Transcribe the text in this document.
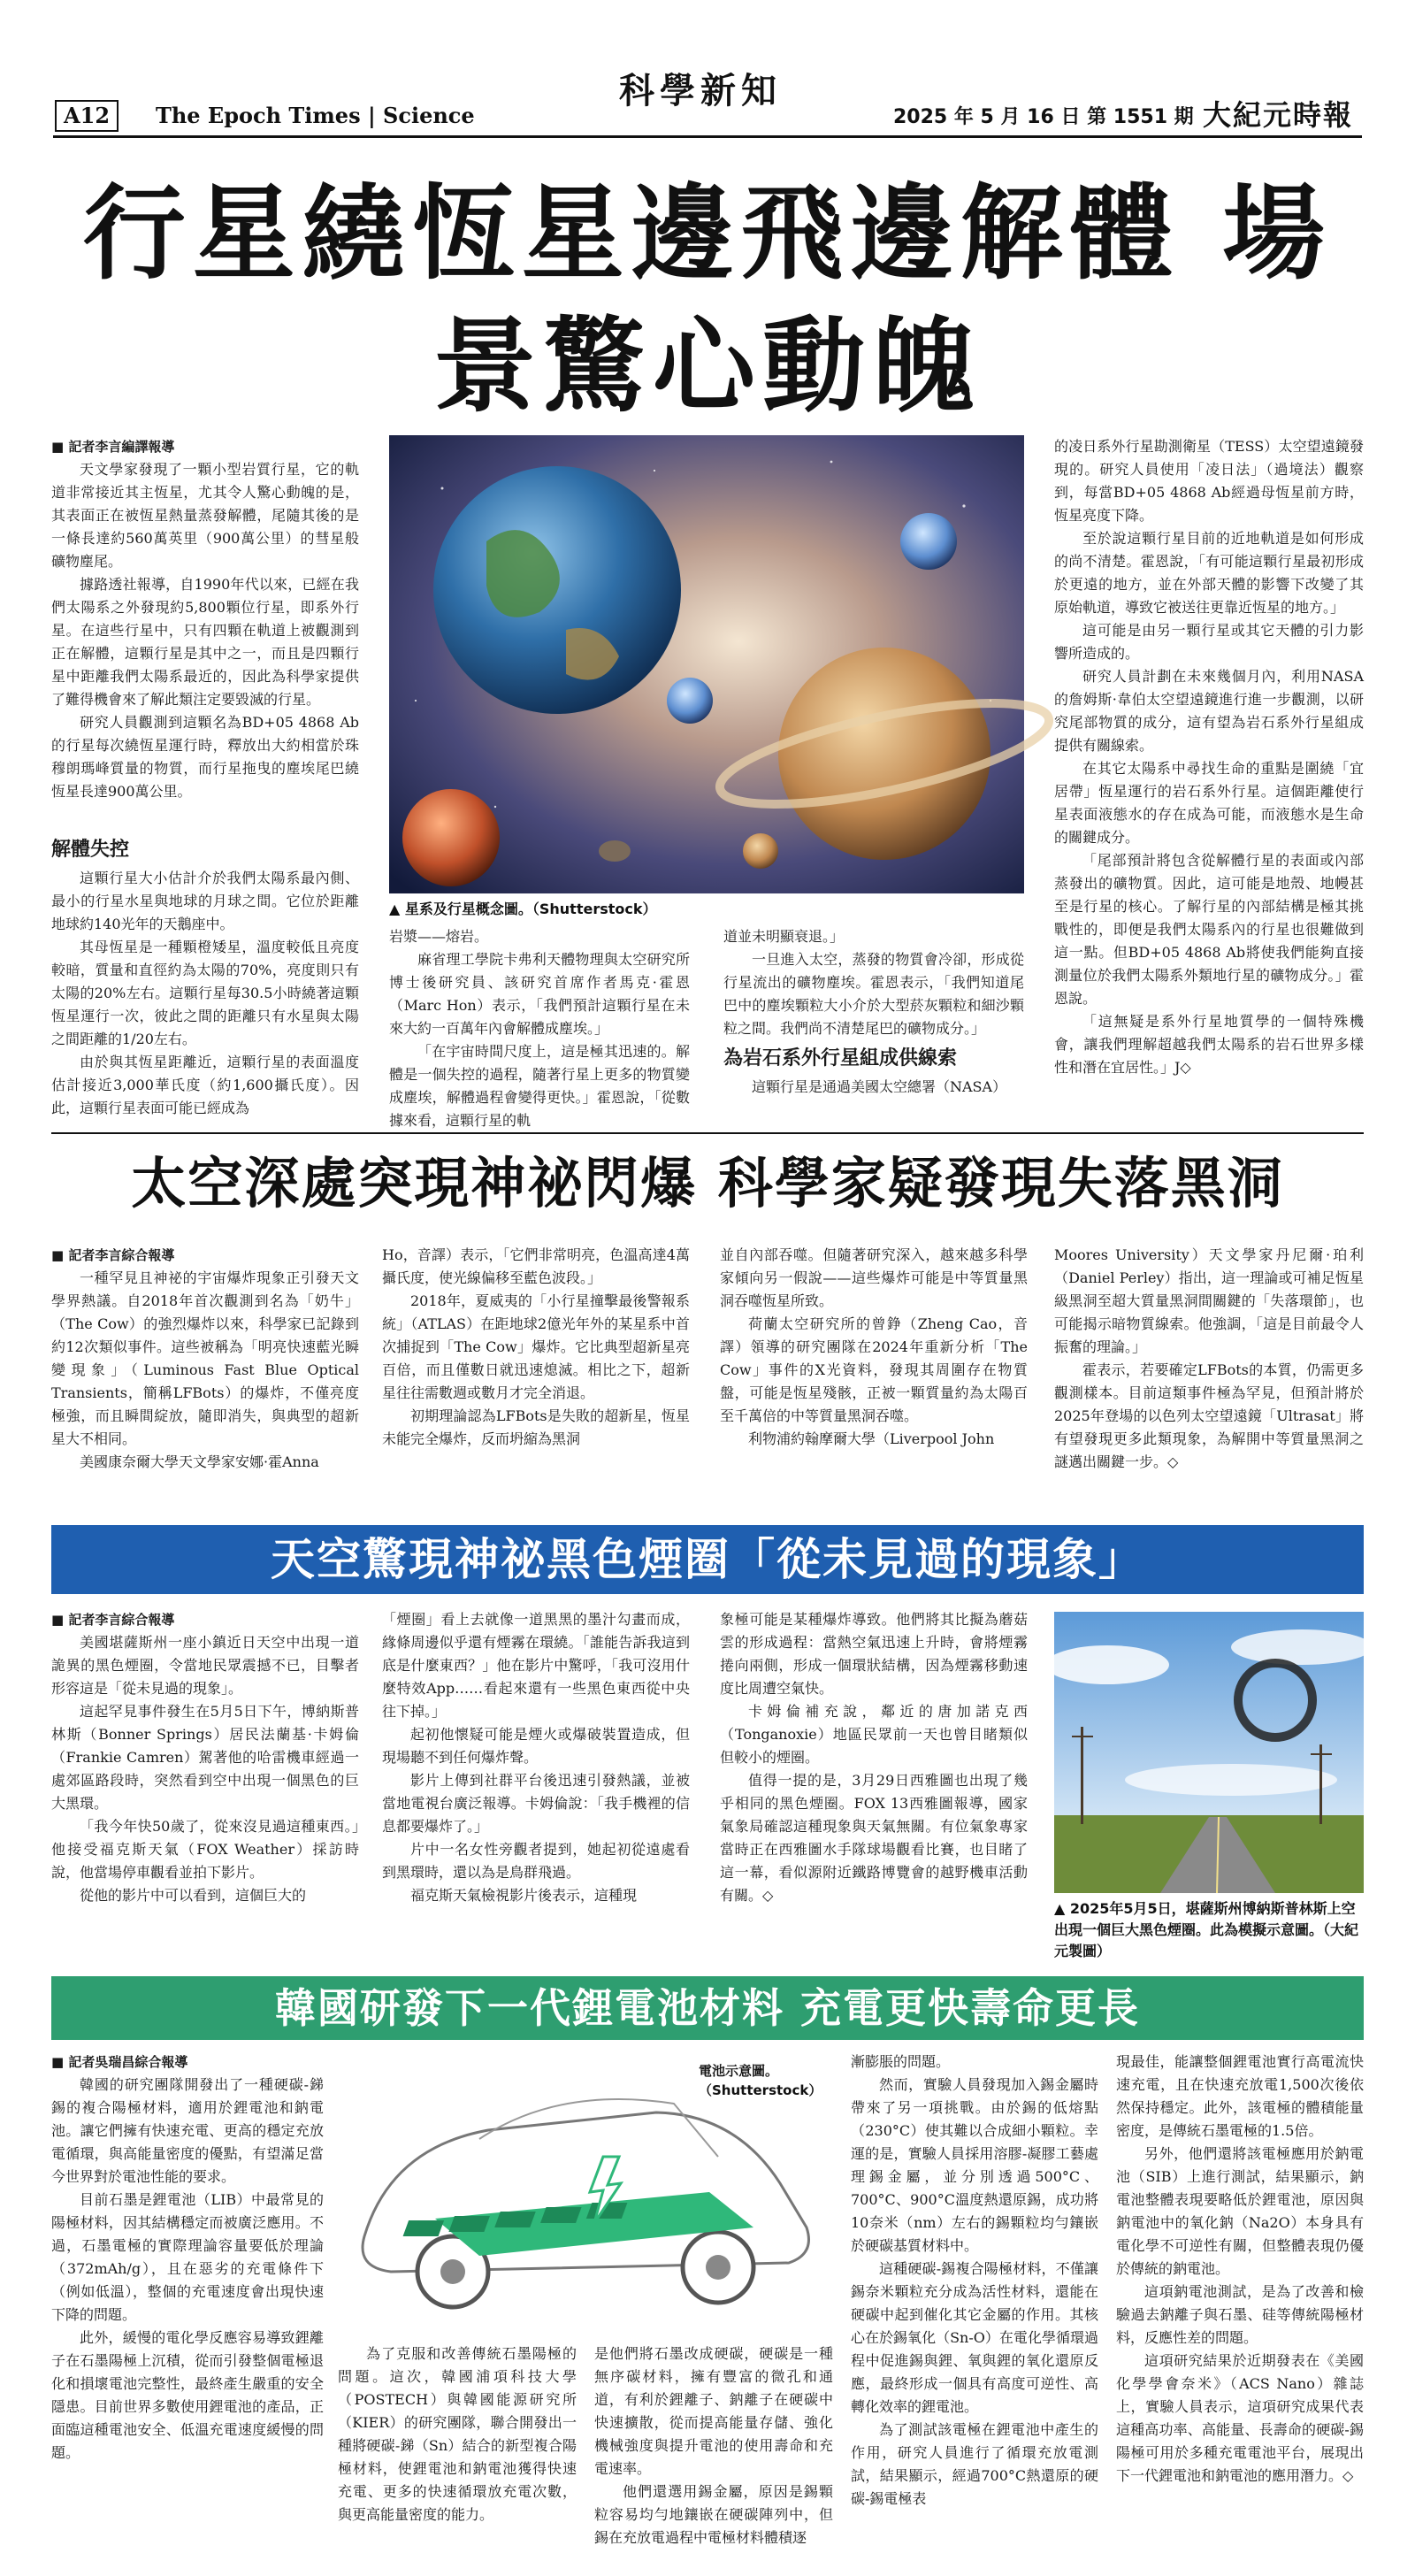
A12	The Epoch Times | Science
科學新知
2025 年 5 月 16 日 第 1551 期 大紀元時報
行星繞恆星邊飛邊解體 場景驚心動魄

■ 記者李言編譯報導

天文學家發現了一顆小型岩質行星，它的軌道非常接近其主恆星，尤其令人驚心動魄的是，其表面正在被恆星熱量蒸發解體，尾隨其後的是一條長達約560萬英里（900萬公里）的彗星般礦物塵尾。

據路透社報導，自1990年代以來，已經在我們太陽系之外發現約5,800顆位行星，即系外行星。在這些行星中，只有四顆在軌道上被觀測到正在解體，這顆行星是其中之一，而且是四顆行星中距離我們太陽系最近的，因此為科學家提供了難得機會來了解此類注定要毀滅的行星。

研究人員觀測到這顆名為BD+05 4868 Ab的行星每次繞恆星運行時，釋放出大約相當於珠穆朗瑪峰質量的物質，而行星拖曳的塵埃尾巴繞恆星長達900萬公里。

解體失控

這顆行星大小估計介於我們太陽系最內側、最小的行星水星與地球的月球之間。它位於距離地球約140光年的天鵝座中。

其母恆星是一種顆橙矮星，溫度較低且亮度較暗，質量和直徑約為太陽的70%，亮度則只有太陽的20%左右。這顆行星每30.5小時繞著這顆恆星運行一次，彼此之間的距離只有水星與太陽之間距離的1/20左右。

由於與其恆星距離近，這顆行星的表面溫度估計接近3,000華氏度（約1,600攝氏度）。因此，這顆行星表面可能已經成為

▲ 星系及行星概念圖。（Shutterstock）

岩漿——熔岩。

麻省理工學院卡弗利天體物理與太空研究所博士後研究員、該研究首席作者馬克·霍恩（Marc Hon）表示，「我們預計這顆行星在未來大約一百萬年內會解體成塵埃。」

「在宇宙時間尺度上，這是極其迅速的。解體是一個失控的過程，隨著行星上更多的物質變成塵埃，解體過程會變得更快。」霍恩說，「從數據來看，這顆行星的軌

道並未明顯衰退。」

一旦進入太空，蒸發的物質會冷卻，形成從行星流出的礦物塵埃。霍恩表示，「我們知道尾巴中的塵埃顆粒大小介於大型菸灰顆粒和細沙顆粒之間。我們尚不清楚尾巴的礦物成分。」

為岩石系外行星組成供線索

這顆行星是通過美國太空總署（NASA）

的凌日系外行星勘測衛星（TESS）太空望遠鏡發現的。研究人員使用「凌日法」（過境法）觀察到，每當BD+05 4868 Ab經過母恆星前方時，恆星亮度下降。

至於說這顆行星目前的近地軌道是如何形成的尚不清楚。霍恩說，「有可能這顆行星最初形成於更遠的地方，並在外部天體的影響下改變了其原始軌道，導致它被送往更靠近恆星的地方。」

這可能是由另一顆行星或其它天體的引力影響所造成的。

研究人員計劃在未來幾個月內，利用NASA的詹姆斯·韋伯太空望遠鏡進行進一步觀測，以研究尾部物質的成分，這有望為岩石系外行星組成提供有關線索。

在其它太陽系中尋找生命的重點是圍繞「宜居帶」恆星運行的岩石系外行星。這個距離使行星表面液態水的存在成為可能，而液態水是生命的關鍵成分。

「尾部預計將包含從解體行星的表面或內部蒸發出的礦物質。因此，這可能是地殼、地幔甚至是行星的核心。了解行星的內部結構是極其挑戰性的，即便是我們太陽系內的行星也很難做到這一點。但BD+05 4868 Ab將使我們能夠直接測量位於我們太陽系外類地行星的礦物成分。」霍恩說。

「這無疑是系外行星地質學的一個特殊機會，讓我們理解超越我們太陽系的岩石世界多樣性和潛在宜居性。」J◇

太空深處突現神祕閃爆 科學家疑發現失落黑洞

■ 記者李言綜合報導

一種罕見且神祕的宇宙爆炸現象正引發天文學界熱議。自2018年首次觀測到名為「奶牛」（The Cow）的強烈爆炸以來，科學家已記錄到約12次類似事件。這些被稱為「明亮快速藍光瞬變現象」（Luminous Fast Blue Optical Transients，簡稱LFBots）的爆炸，不僅亮度極強，而且瞬間綻放，隨即消失，與典型的超新星大不相同。

美國康奈爾大學天文學家安娜·霍Anna

Ho，音譯）表示，「它們非常明亮，色溫高達4萬攝氏度，使光線偏移至藍色波段。」

2018年，夏威夷的「小行星撞擊最後警報系統」（ATLAS）在距地球2億光年外的某星系中首次捕捉到「The Cow」爆炸。它比典型超新星亮百倍，而且僅數日就迅速熄滅。相比之下，超新星往往需數週或數月才完全消退。

初期理論認為LFBots是失敗的超新星，恆星未能完全爆炸，反而坍縮為黑洞

並自內部吞噬。但隨著研究深入，越來越多科學家傾向另一假說——這些爆炸可能是中等質量黑洞吞噬恆星所致。

荷蘭太空研究所的曾錚（Zheng Cao，音譯）領導的研究團隊在2024年重新分析「The Cow」事件的X光資料，發現其周圍存在物質盤，可能是恆星殘骸，正被一顆質量約為太陽百至千萬倍的中等質量黑洞吞噬。

利物浦約翰摩爾大學（Liverpool John

Moores University）天文學家丹尼爾·珀利（Daniel Perley）指出，這一理論或可補足恆星級黑洞至超大質量黑洞間關鍵的「失落環節」，也可能揭示暗物質線索。他強調，「這是目前最令人振奮的理論。」

霍表示，若要確定LFBots的本質，仍需更多觀測樣本。目前這類事件極為罕見，但預計將於2025年登場的以色列太空望遠鏡「Ultrasat」將有望發現更多此類現象，為解開中等質量黑洞之謎邁出關鍵一步。◇

天空驚現神祕黑色煙圈「從未見過的現象」

■ 記者李言綜合報導

美國堪薩斯州一座小鎮近日天空中出現一道詭異的黑色煙圈，令當地民眾震撼不已，目擊者形容這是「從未見過的現象」。

這起罕見事件發生在5月5日下午，博納斯普林斯（Bonner Springs）居民法蘭基·卡姆倫（Frankie Camren）駕著他的哈雷機車經過一處郊區路段時，突然看到空中出現一個黑色的巨大黑環。

「我今年快50歲了，從來沒見過這種東西。」他接受福克斯天氣（FOX Weather）採訪時說，他當場停車觀看並拍下影片。

從他的影片中可以看到，這個巨大的

「煙圈」看上去就像一道黑黑的墨汁勾畫而成，緣條周邊似乎還有煙霧在環繞。「誰能告訴我這到底是什麼東西？」他在影片中驚呼，「我可沒用什麼特效App……看起來還有一些黑色東西從中央往下掉。」

起初他懷疑可能是煙火或爆破裝置造成，但現場聽不到任何爆炸聲。

影片上傳到社群平台後迅速引發熱議，並被當地電視台廣泛報導。卡姆倫說：「我手機裡的信息都要爆炸了。」

片中一名女性旁觀者提到，她起初從遠處看到黑環時，還以為是鳥群飛過。

福克斯天氣檢視影片後表示，這種現

象極可能是某種爆炸導致。他們將其比擬為蘑菇雲的形成過程：當熱空氣迅速上升時，會將煙霧捲向兩側，形成一個環狀結構，因為煙霧移動速度比周遭空氣快。

卡姆倫補充說，鄰近的唐加諾克西（Tonganoxie）地區民眾前一天也曾目睹類似但較小的煙圈。

值得一提的是，3月29日西雅圖也出現了幾乎相同的黑色煙圈。FOX 13西雅圖報導，國家氣象局確認這種現象與天氣無關。有位氣象專家當時正在西雅圖水手隊球場觀看比賽，也目睹了這一幕，看似源附近鐵路博覽會的越野機車活動有關。◇

▲ 2025年5月5日，堪薩斯州博納斯普林斯上空出現一個巨大黑色煙圈。此為模擬示意圖。（大紀元製圖）
韓國研發下一代鋰電池材料 充電更快壽命更長

■ 記者吳瑞昌綜合報導

韓國的研究團隊開發出了一種硬碳-銻錫的複合陽極材料，適用於鋰電池和鈉電池。讓它們擁有快速充電、更高的穩定充放電循環，與高能量密度的優點，有望滿足當今世界對於電池性能的要求。

目前石墨是鋰電池（LIB）中最常見的陽極材料，因其結構穩定而被廣泛應用。不過，石墨電極的實際理論容量要低於理論（372mAh/g），且在惡劣的充電條件下（例如低溫），整個的充電速度會出現快速下降的問題。

此外，緩慢的電化學反應容易導致鋰離子在石墨陽極上沉積，從而引發整個電極退化和損壞電池完整性，最終產生嚴重的安全隱患。目前世界多數使用鋰電池的產品，正面臨這種電池安全、低溫充電速度緩慢的問題。

電池示意圖。（Shutterstock）

為了克服和改善傳統石墨陽極的問題。這次，韓國浦項科技大學（POSTECH）與韓國能源研究所（KIER）的研究團隊，聯合開發出一種將硬碳-銻（Sn）結合的新型複合陽極材料，使鋰電池和鈉電池獲得快速充電、更多的快速循環放充電次數，與更高能量密度的能力。

是他們將石墨改成硬碳，硬碳是一種無序碳材料，擁有豐富的微孔和通道，有利於鋰離子、鈉離子在硬碳中快速擴散，從而提高能量存儲、強化機械強度與提升電池的使用壽命和充電速率。

他們還選用錫金屬，原因是錫顆粒容易均勻地鑲嵌在硬碳陣列中，但錫在充放電過程中電極材料體積逐

漸膨脹的問題。

然而，實驗人員發現加入錫金屬時帶來了另一項挑戰。由於錫的低熔點（230°C）使其難以合成細小顆粒。幸運的是，實驗人員採用溶膠-凝膠工藝處理錫金屬，並分別透過500°C、700°C、900°C溫度熱還原錫，成功將10奈米（nm）左右的錫顆粒均勻鑲嵌於硬碳基質材料中。

這種硬碳-錫複合陽極材料，不僅讓錫奈米顆粒充分成為活性材料，還能在硬碳中起到催化其它金屬的作用。其核心在於錫氧化（Sn-O）在電化學循環過程中促進錫與鋰、氧與鋰的氧化還原反應，最終形成一個具有高度可逆性、高轉化效率的鋰電池。

為了測試該電極在鋰電池中產生的作用，研究人員進行了循環充放電測試，結果顯示，經過700°C熱還原的硬碳-錫電極表

現最佳，能讓整個鋰電池實行高電流快速充電，且在快速充放電1,500次後依然保持穩定。此外，該電極的體積能量密度，是傳統石墨電極的1.5倍。

另外，他們還將該電極應用於鈉電池（SIB）上進行測試，結果顯示，鈉電池整體表現要略低於鋰電池，原因與鈉電池中的氧化鈉（Na2O）本身具有電化學不可逆性有關，但整體表現仍優於傳統的鈉電池。

這項鈉電池測試，是為了改善和檢驗過去鈉離子與石墨、硅等傳統陽極材料，反應性差的問題。

這項研究結果於近期發表在《美國化學學會奈米》（ACS Nano）雜誌上，實驗人員表示，這項研究成果代表這種高功率、高能量、長壽命的硬碳-錫陽極可用於多種充電電池平台，展現出下一代鋰電池和鈉電池的應用潛力。◇
